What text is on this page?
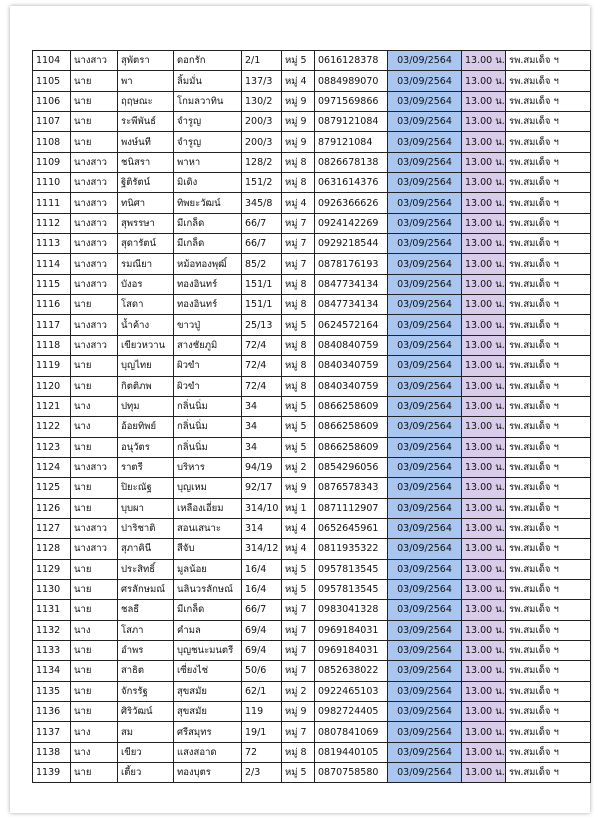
1104	นางสาว	สุพัตรา	ดอกรัก	2/1	หมู่ 5	0616128378	03/09/2564	13.00 น.	รพ.สมเด็จ ฯ
1105	นาย	พา	ลิ้มมั่น	137/3	หมู่ 4	0884989070	03/09/2564	13.00 น.	รพ.สมเด็จ ฯ
1106	นาย	ฤฤษณะ	โกมลวาทิน	130/2	หมู่ 9	0971569866	03/09/2564	13.00 น.	รพ.สมเด็จ ฯ
1107	นาย	ระพีพันธ์	จำรูญ	200/3	หมู่ 9	0879121084	03/09/2564	13.00 น.	รพ.สมเด็จ ฯ
1108	นาย	พงษ์นที	จำรูญ	200/3	หมู่ 9	879121084	03/09/2564	13.00 น.	รพ.สมเด็จ ฯ
1109	นางสาว	ชนิสรา	พาหา	128/2	หมู่ 8	0826678138	03/09/2564	13.00 น.	รพ.สมเด็จ ฯ
1110	นางสาว	ฐิติรัตน์	มิเดิง	151/2	หมู่ 8	0631614376	03/09/2564	13.00 น.	รพ.สมเด็จ ฯ
1111	นางสาว	ทนิศา	ทิพยะวัฒน์	345/8	หมู่ 4	0926366626	03/09/2564	13.00 น.	รพ.สมเด็จ ฯ
1112	นางสาว	สุพรรษา	มีเกล็ด	66/7	หมู่ 7	0924142269	03/09/2564	13.00 น.	รพ.สมเด็จ ฯ
1113	นางสาว	สุดารัตน์	มีเกล็ด	66/7	หมู่ 7	0929218544	03/09/2564	13.00 น.	รพ.สมเด็จ ฯ
1114	นางสาว	รมณียา	หม้อทองพุฒิ์	85/2	หมู่ 7	0878176193	03/09/2564	13.00 น.	รพ.สมเด็จ ฯ
1115	นางสาว	บังอร	ทองอินทร์	151/1	หมู่ 8	0847734134	03/09/2564	13.00 น.	รพ.สมเด็จ ฯ
1116	นาย	โสดา	ทองอินทร์	151/1	หมู่ 8	0847734134	03/09/2564	13.00 น.	รพ.สมเด็จ ฯ
1117	นางสาว	น้ำค้าง	ขาวปู่	25/13	หมู่ 5	0624572164	03/09/2564	13.00 น.	รพ.สมเด็จ ฯ
1118	นางสาว	เขียวหวาน	สางชัยภูมิ	72/4	หมู่ 8	0840840759	03/09/2564	13.00 น.	รพ.สมเด็จ ฯ
1119	นาย	บุญไทย	ผิวขำ	72/4	หมู่ 8	0840340759	03/09/2564	13.00 น.	รพ.สมเด็จ ฯ
1120	นาย	กิตติภพ	ผิวขำ	72/4	หมู่ 8	0840340759	03/09/2564	13.00 น.	รพ.สมเด็จ ฯ
1121	นาง	ปทุม	กลิ่นนิ่ม	34	หมู่ 5	0866258609	03/09/2564	13.00 น.	รพ.สมเด็จ ฯ
1122	นาง	อ้อยทิพย์	กลิ่นนิ่ม	34	หมู่ 5	0866258609	03/09/2564	13.00 น.	รพ.สมเด็จ ฯ
1123	นาย	อนุวัตร	กลิ่นนิ่ม	34	หมู่ 5	0866258609	03/09/2564	13.00 น.	รพ.สมเด็จ ฯ
1124	นางสาว	ราตรี	บริหาร	94/19	หมู่ 2	0854296056	03/09/2564	13.00 น.	รพ.สมเด็จ ฯ
1125	นาย	ปิยะณัฐ	บุญเหม	92/17	หมู่ 9	0876578343	03/09/2564	13.00 น.	รพ.สมเด็จ ฯ
1126	นาย	บุบผา	เหลืองเอี่ยม	314/10	หมู่ 1	0871112907	03/09/2564	13.00 น.	รพ.สมเด็จ ฯ
1127	นางสาว	ปาริชาติ	สอนเสนาะ	314	หมู่ 4	0652645961	03/09/2564	13.00 น.	รพ.สมเด็จ ฯ
1128	นางสาว	สุภาคินี	สีจับ	314/12	หมู่ 4	0811935322	03/09/2564	13.00 น.	รพ.สมเด็จ ฯ
1129	นาย	ประสิทธิ์	มูลน้อย	16/4	หมู่ 5	0957813545	03/09/2564	13.00 น.	รพ.สมเด็จ ฯ
1130	นาย	ศรลักษมณ์	นลินวรลักษณ์	16/4	หมู่ 5	0957813545	03/09/2564	13.00 น.	รพ.สมเด็จ ฯ
1131	นาย	ชลธี	มีเกล็ด	66/7	หมู่ 7	0983041328	03/09/2564	13.00 น.	รพ.สมเด็จ ฯ
1132	นาง	โสภา	คำมล	69/4	หมู่ 7	0969184031	03/09/2564	13.00 น.	รพ.สมเด็จ ฯ
1133	นาย	อำพร	บุญชนะมนตรี	69/4	หมู่ 7	0969184031	03/09/2564	13.00 น.	รพ.สมเด็จ ฯ
1134	นาย	สาธิต	เซี่ยงไช่	50/6	หมู่ 7	0852638022	03/09/2564	13.00 น.	รพ.สมเด็จ ฯ
1135	นาย	จักรรัฐ	สุขสมัย	62/1	หมู่ 2	0922465103	03/09/2564	13.00 น.	รพ.สมเด็จ ฯ
1136	นาย	ศิริวัฒน์	สุขสมัย	119	หมู่ 9	0982724405	03/09/2564	13.00 น.	รพ.สมเด็จ ฯ
1137	นาง	สม	ศรีสมุทร	19/1	หมู่ 7	0807841069	03/09/2564	13.00 น.	รพ.สมเด็จ ฯ
1138	นาง	เขียว	แสงสอาด	72	หมู่ 8	0819440105	03/09/2564	13.00 น.	รพ.สมเด็จ ฯ
1139	นาย	เตี้ยว	ทองบุตร	2/3	หมู่ 5	0870758580	03/09/2564	13.00 น.	รพ.สมเด็จ ฯ
